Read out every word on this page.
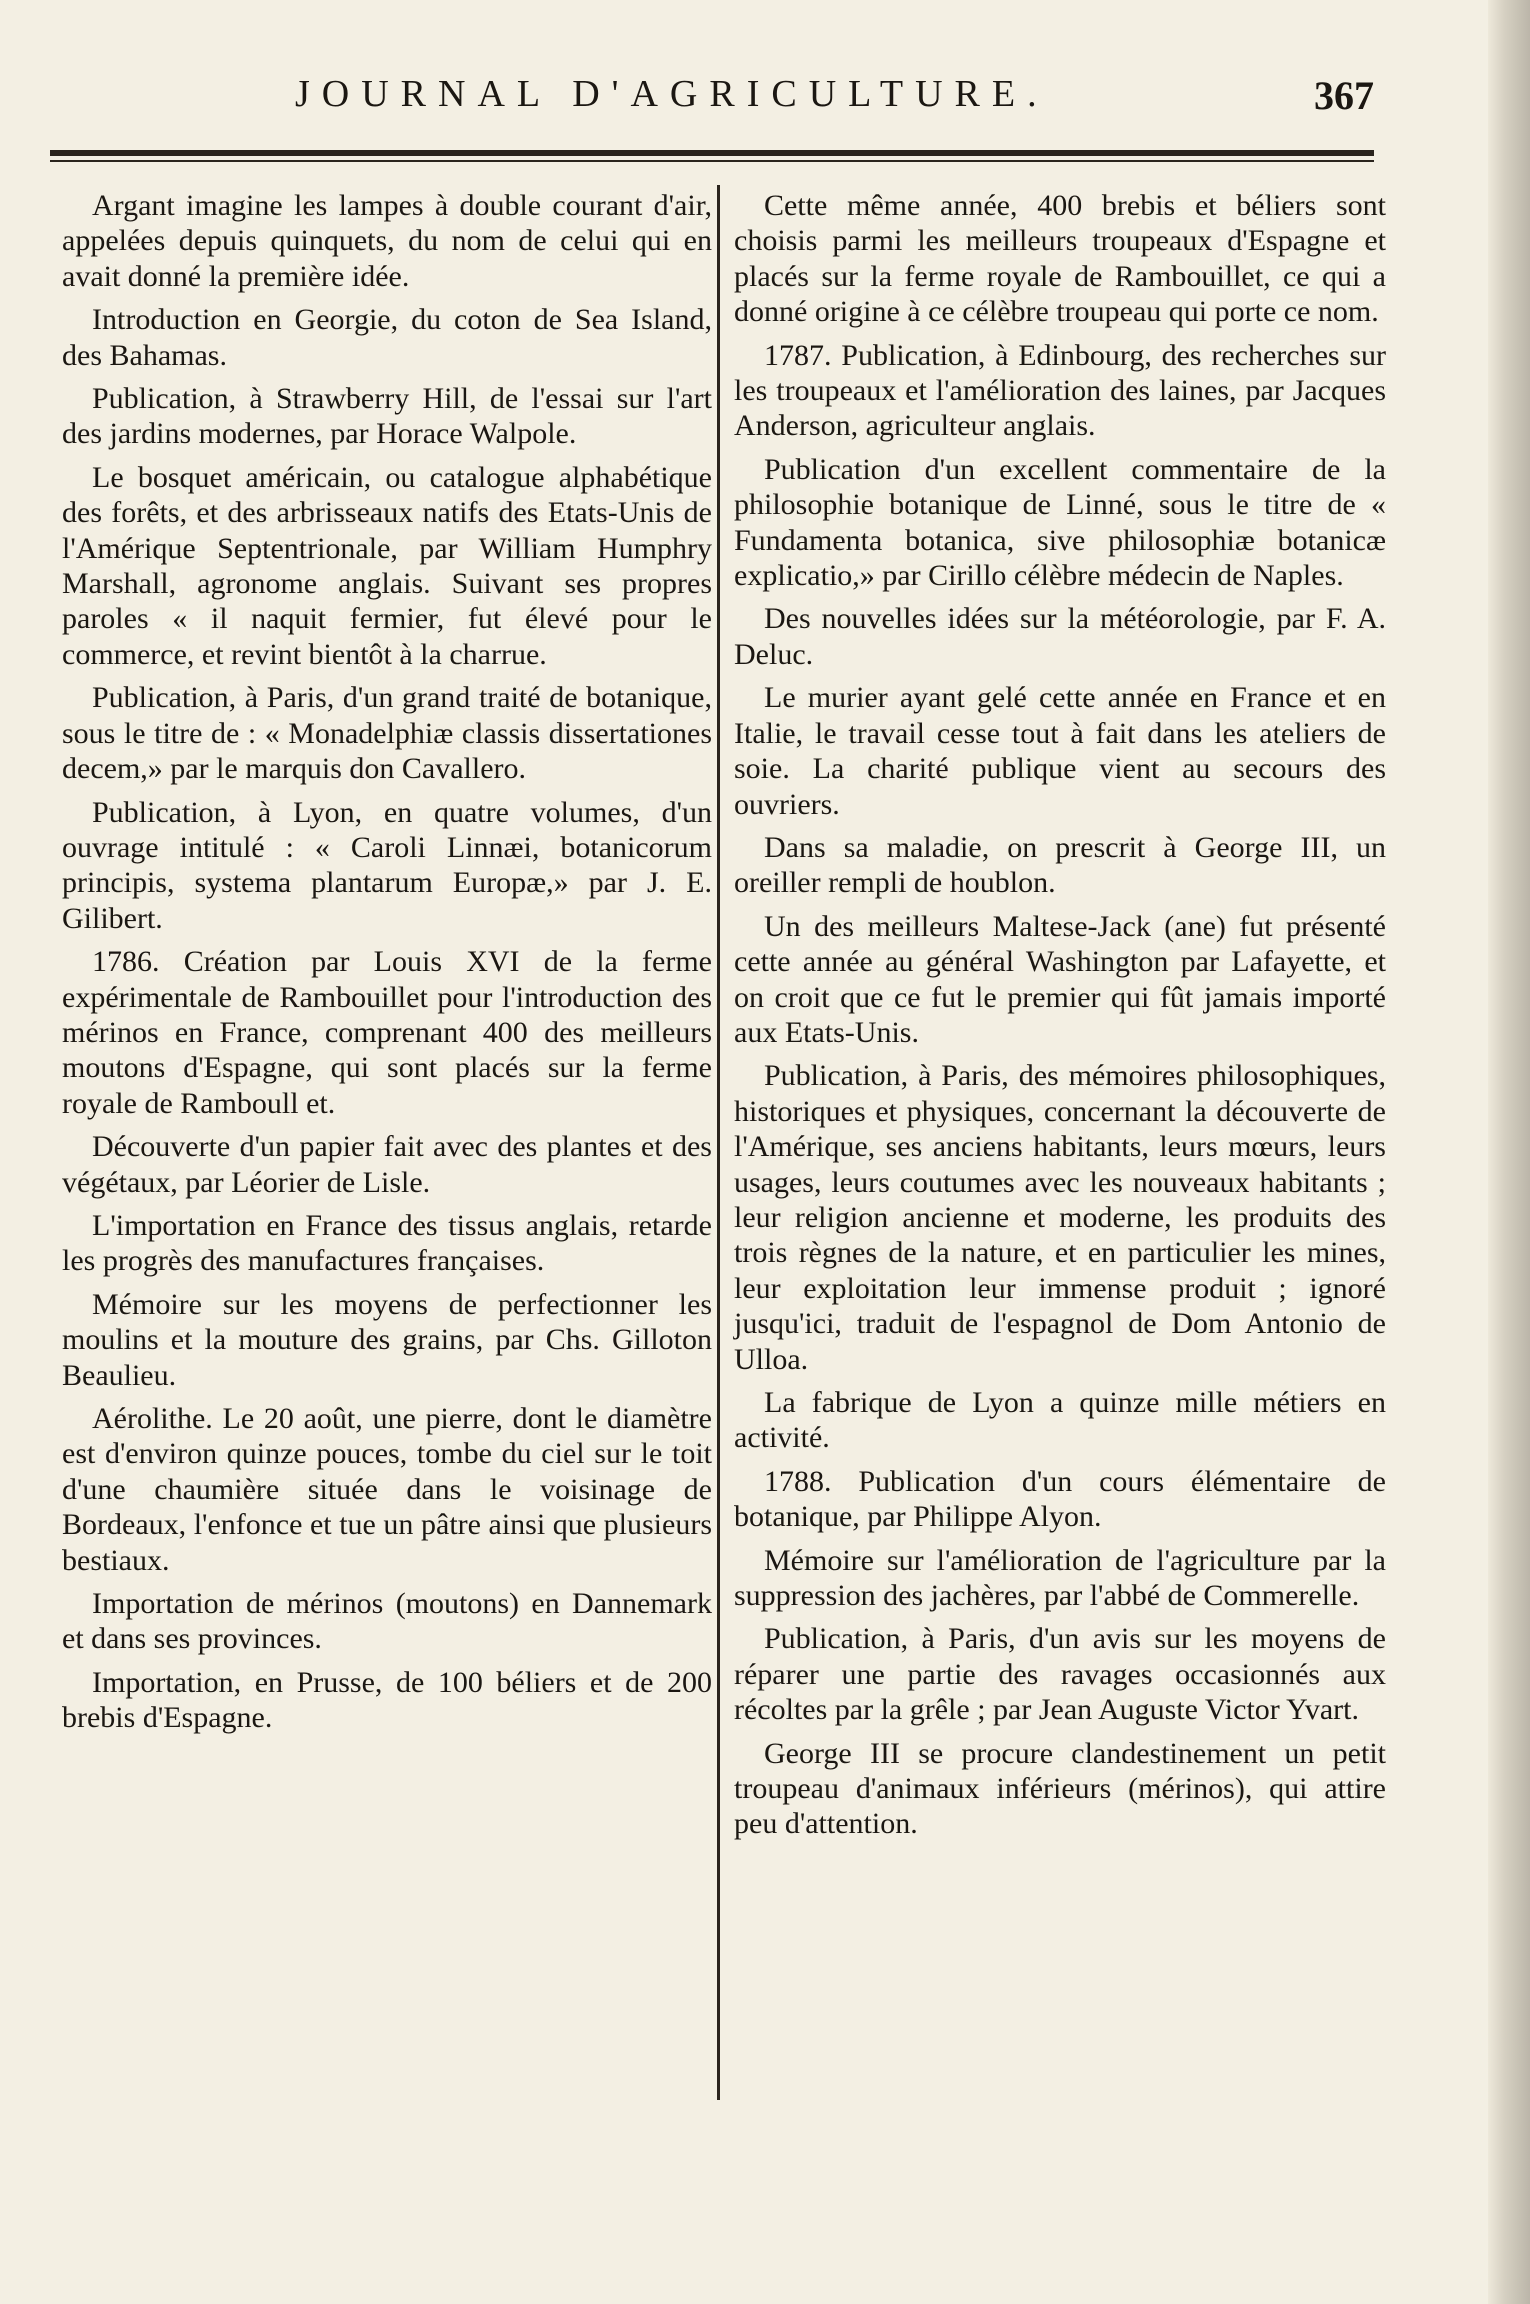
JOURNAL D'AGRICULTURE.	367

Argant imagine les lampes à double courant d'air, appelées depuis quinquets, du nom de celui qui en avait donné la première idée.

Introduction en Georgie, du coton de Sea Island, des Bahamas.

Publication, à Strawberry Hill, de l'essai sur l'art des jardins modernes, par Horace Walpole.

Le bosquet américain, ou catalogue alphabétique des forêts, et des arbrisseaux natifs des Etats-Unis de l'Amérique Septentrionale, par William Humphry Marshall, agronome anglais. Suivant ses propres paroles « il naquit fermier, fut élevé pour le commerce, et revint bientôt à la charrue.

Publication, à Paris, d'un grand traité de botanique, sous le titre de : « Monadelphiæ classis dissertationes decem,» par le marquis don Cavallero.

Publication, à Lyon, en quatre volumes, d'un ouvrage intitulé : « Caroli Linnæi, botanicorum principis, systema plantarum Europæ,» par J. E. Gilibert.

1786. Création par Louis XVI de la ferme expérimentale de Rambouillet pour l'introduction des mérinos en France, comprenant 400 des meilleurs moutons d'Espagne, qui sont placés sur la ferme royale de Ramboull et.

Découverte d'un papier fait avec des plantes et des végétaux, par Léorier de Lisle.

L'importation en France des tissus anglais, retarde les progrès des manufactures françaises.

Mémoire sur les moyens de perfectionner les moulins et la mouture des grains, par Chs. Gilloton Beaulieu.

Aérolithe. Le 20 août, une pierre, dont le diamètre est d'environ quinze pouces, tombe du ciel sur le toit d'une chaumière située dans le voisinage de Bordeaux, l'enfonce et tue un pâtre ainsi que plusieurs bestiaux.

Importation de mérinos (moutons) en Dannemark et dans ses provinces.

Importation, en Prusse, de 100 béliers et de 200 brebis d'Espagne.

Cette même année, 400 brebis et béliers sont choisis parmi les meilleurs troupeaux d'Espagne et placés sur la ferme royale de Rambouillet, ce qui a donné origine à ce célèbre troupeau qui porte ce nom.

1787. Publication, à Edinbourg, des recherches sur les troupeaux et l'amélioration des laines, par Jacques Anderson, agriculteur anglais.

Publication d'un excellent commentaire de la philosophie botanique de Linné, sous le titre de « Fundamenta botanica, sive philosophiæ botanicæ explicatio,» par Cirillo célèbre médecin de Naples.

Des nouvelles idées sur la météorologie, par F. A. Deluc.

Le murier ayant gelé cette année en France et en Italie, le travail cesse tout à fait dans les ateliers de soie. La charité publique vient au secours des ouvriers.

Dans sa maladie, on prescrit à George III, un oreiller rempli de houblon.

Un des meilleurs Maltese-Jack (ane) fut présenté cette année au général Washington par Lafayette, et on croit que ce fut le premier qui fût jamais importé aux Etats-Unis.

Publication, à Paris, des mémoires philosophiques, historiques et physiques, concernant la découverte de l'Amérique, ses anciens habitants, leurs mœurs, leurs usages, leurs coutumes avec les nouveaux habitants ; leur religion ancienne et moderne, les produits des trois règnes de la nature, et en particulier les mines, leur exploitation leur immense produit ; ignoré jusqu'ici, traduit de l'espagnol de Dom Antonio de Ulloa.

La fabrique de Lyon a quinze mille métiers en activité.

1788. Publication d'un cours élémentaire de botanique, par Philippe Alyon.

Mémoire sur l'amélioration de l'agriculture par la suppression des jachères, par l'abbé de Commerelle.

Publication, à Paris, d'un avis sur les moyens de réparer une partie des ravages occasionnés aux récoltes par la grêle ; par Jean Auguste Victor Yvart.

George III se procure clandestinement un petit troupeau d'animaux inférieurs (mérinos), qui attire peu d'attention.
